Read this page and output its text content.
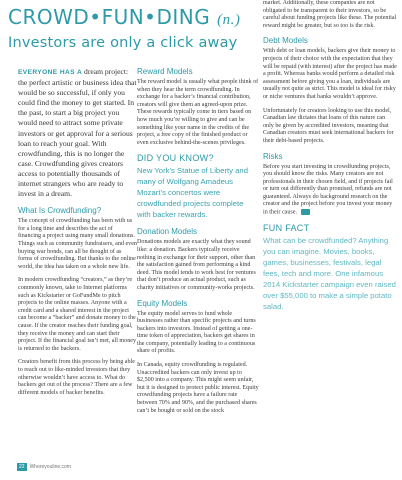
CROWD•FUN•DING (n.)
Investors are only a click away

EVERYONE HAS A dream project: the perfect artistic or business idea that would be so successful, if only you could find the money to get started. In the past, to start a big project you would need to attract some private investors or get approval for a serious loan to reach your goal. With crowdfunding, this is no longer the case. Crowdfunding gives creators access to potentially thousands of internet strangers who are ready to invest in a dream.

What Is Crowdfunding?

The concept of crowdfunding has been with us for a long time and describes the act of financing a project using many small donations. Things such as community fundraisers, and even buying war bonds, can all be thought of as forms of crowdfunding. But thanks to the online world, the idea has taken on a whole new life.

In modern crowdfunding “creators,” as they’re commonly known, take to Internet platforms such as Kickstarter or GoFundMe to pitch projects to the online masses. Anyone with a credit card and a shared interest in the project can become a “backer” and donate money to the cause. If the creator reaches their funding goal, they receive the money and can start their project. If the financial goal isn’t met, all money is returned to the backers.

Creators benefit from this process by being able to reach out to like-minded investors that they otherwise wouldn’t have access to. What do backers get out of the process? There are a few different models of backer benefits.

Reward Models

The reward model is usually what people think of when they hear the term crowdfunding. In exchange for a backer’s financial contribution, creators will give them an agreed-upon prize. These rewards typically come in tiers based on how much you’re willing to give and can be something like your name in the credits of the project, a free copy of the finished product or even exclusive behind-the-scenes privileges.

DID YOU KNOW?
New York’s Statue of Liberty and many of Wolfgang Amadeus Mozart’s concertos were crowdfunded projects complete with backer rewards.
Donation Models

Donations models are exactly what they sound like: a donation. Backers typically receive nothing in exchange for their support, other than the satisfaction gained from performing a kind deed. This model tends to work best for ventures that don’t produce an actual product, such as charity initiatives or community-works projects.

Equity Models

The equity model serves to fund whole businesses rather than specific projects and turns backers into investors. Instead of getting a one-time token of appreciation, backers get shares in the company, potentially leading to a continuous share of profits.

In Canada, equity crowdfunding is regulated. Unaccredited backers can only invest up to $2,500 into a company. This might seem unfair, but it is designed to protect public interest. Equity crowdfunding projects have a failure rate between 70% and 90%, and the purchased shares can’t be bought or sold on the stock

market. Additionally, these companies are not obligated to be transparent to their investors, so be careful about funding projects like these. The potential reward might be greater, but so too is the risk.

Debt Models

With debt or loan models, backers give their money to projects of their choice with the expectation that they will be repaid (with interest) after the project has made a profit. Whereas banks would perform a detailed risk assessment before giving you a loan, individuals are usually not quite as strict. This model is ideal for risky or niche ventures that banks wouldn’t approve.

Unfortunately for creators looking to use this model, Canadian law dictates that loans of this nature can only be given by accredited investors, meaning that Canadian creators must seek international backers for their debt-based projects.

Risks

Before you start investing in crowdfunding projects, you should know the risks. Many creators are not professionals in their chosen field, and if projects fail or turn out differently than promised, refunds are not guaranteed. Always do background research on the creator and the project before you invest your money in their cause.

FUN FACT
What can be crowdfunded? Anything you can imagine. Movies, books, games, businesses, festivals, legal fees, tech and more. One infamous 2014 Kickstarter campaign even raised over $55,000 to make a simple potato salad.
22 Whereyouline.com
